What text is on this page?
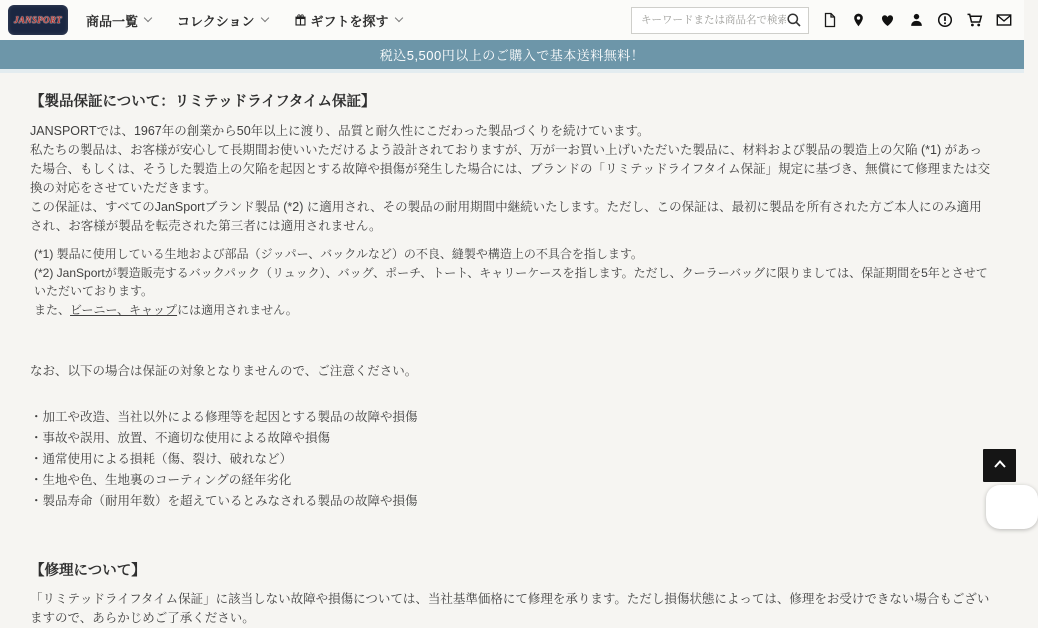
JANSPORT 商品一覧	コレクション	ギフトを探す
キーワードまたは商品名で検索
税込5,500円以上のご購入で基本送料無料！
【製品保証について：リミテッドライフタイム保証】

JANSPORTでは、1967年の創業から50年以上に渡り、品質と耐久性にこだわった製品づくりを続けています。

私たちの製品は、お客様が安心して長期間お使いいただけるよう設計されておりますが、万が一お買い上げいただいた製品に、材料および製品の製造上の欠陥 (*1) があった場合、もしくは、そうした製造上の欠陥を起因とする故障や損傷が発生した場合には、ブランドの「リミテッドライフタイム保証」規定に基づき、無償にて修理または交換の対応をさせていただきます。

この保証は、すべてのJanSportブランド製品 (*2) に適用され、その製品の耐用期間中継続いたします。ただし、この保証は、最初に製品を所有された方ご本人にのみ適用され、お客様が製品を転売された第三者には適用されません。

(*1) 製品に使用している生地および部品（ジッパー、バックルなど）の不良、縫製や構造上の不具合を指します。
(*2) JanSportが製造販売するバックパック（リュック）、バッグ、ポーチ、トート、キャリーケースを指します。ただし、クーラーバッグに限りましては、保証期間を5年とさせていただいております。
また、ビーニー、キャップには適用されません。
なお、以下の場合は保証の対象となりませんので、ご注意ください。
・加工や改造、当社以外による修理等を起因とする製品の故障や損傷
・事故や誤用、放置、不適切な使用による故障や損傷
・通常使用による損耗（傷、裂け、破れなど）
・生地や色、生地裏のコーティングの経年劣化
・製品寿命（耐用年数）を超えているとみなされる製品の故障や損傷
【修理について】

「リミテッドライフタイム保証」に該当しない故障や損傷については、当社基準価格にて修理を承ります。ただし損傷状態によっては、修理をお受けできない場合もございますので、あらかじめご了承ください。
